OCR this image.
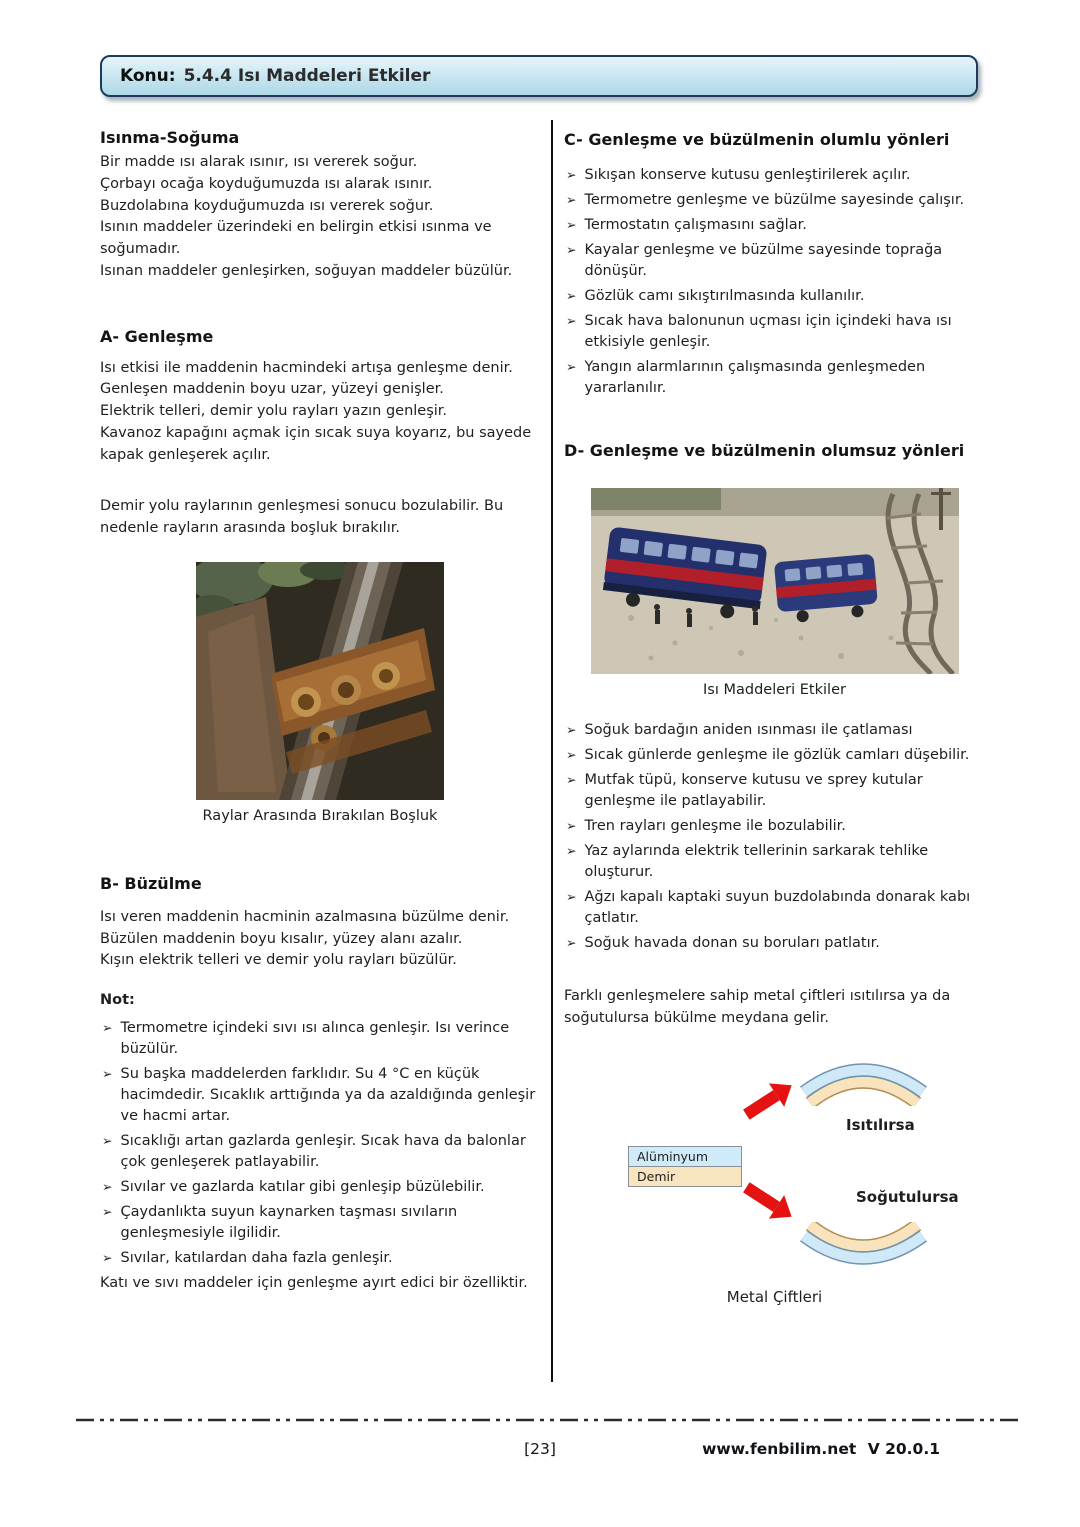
Konu: 5.4.4 Isı Maddeleri Etkiler
Isınma-Soğuma

Bir madde ısı alarak ısınır, ısı vererek soğur.

Çorbayı ocağa koyduğumuzda ısı alarak ısınır.

Buzdolabına koyduğumuzda ısı vererek soğur.

Isının maddeler üzerindeki en belirgin etkisi ısınma ve soğumadır.

Isınan maddeler genleşirken, soğuyan maddeler büzülür.

A- Genleşme

Isı etkisi ile maddenin hacmindeki artışa genleşme denir.

Genleşen maddenin boyu uzar, yüzeyi genişler.

Elektrik telleri, demir yolu rayları yazın genleşir.

Kavanoz kapağını açmak için sıcak suya koyarız, bu sayede kapak genleşerek açılır.

Demir yolu raylarının genleşmesi sonucu bozulabilir. Bu nedenle rayların arasında boşluk bırakılır.

Raylar Arasında Bırakılan Boşluk
B- Büzülme

Isı veren maddenin hacminin azalmasına büzülme denir.

Büzülen maddenin boyu kısalır, yüzey alanı azalır.

Kışın elektrik telleri ve demir yolu rayları büzülür.

Not:

➢ Termometre içindeki sıvı ısı alınca genleşir. Isı verince büzülür.
➢ Su başka maddelerden farklıdır. Su 4 °C en küçük hacimdedir. Sıcaklık arttığında ya da azaldığında genleşir ve hacmi artar.
➢ Sıcaklığı artan gazlarda genleşir. Sıcak hava da balonlar çok genleşerek patlayabilir.
➢ Sıvılar ve gazlarda katılar gibi genleşip büzülebilir.
➢ Çaydanlıkta suyun kaynarken taşması sıvıların genleşmesiyle ilgilidir.
➢ Sıvılar, katılardan daha fazla genleşir.

Katı ve sıvı maddeler için genleşme ayırt edici bir özelliktir.

C- Genleşme ve büzülmenin olumlu yönleri
➢ Sıkışan konserve kutusu genleştirilerek açılır.
➢ Termometre genleşme ve büzülme sayesinde çalışır.
➢ Termostatın çalışmasını sağlar.
➢ Kayalar genleşme ve büzülme sayesinde toprağa dönüşür.
➢ Gözlük camı sıkıştırılmasında kullanılır.
➢ Sıcak hava balonunun uçması için içindeki hava ısı etkisiyle genleşir.
➢ Yangın alarmlarının çalışmasında genleşmeden yararlanılır.
D- Genleşme ve büzülmenin olumsuz yönleri
Isı Maddeleri Etkiler
➢ Soğuk bardağın aniden ısınması ile çatlaması
➢ Sıcak günlerde genleşme ile gözlük camları düşebilir.
➢ Mutfak tüpü, konserve kutusu ve sprey kutular genleşme ile patlayabilir.
➢ Tren rayları genleşme ile bozulabilir.
➢ Yaz aylarında elektrik tellerinin sarkarak tehlike oluşturur.
➢ Ağzı kapalı kaptaki suyun buzdolabında donarak kabı çatlatır.
➢ Soğuk havada donan su boruları patlatır.

Farklı genleşmelere sahip metal çiftleri ısıtılırsa ya da soğutulursa bükülme meydana gelir.

Isıtılırsa
Alüminyum
Demir
Soğutulursa
Metal Çiftleri
[23]	www.fenbilim.net V 20.0.1
